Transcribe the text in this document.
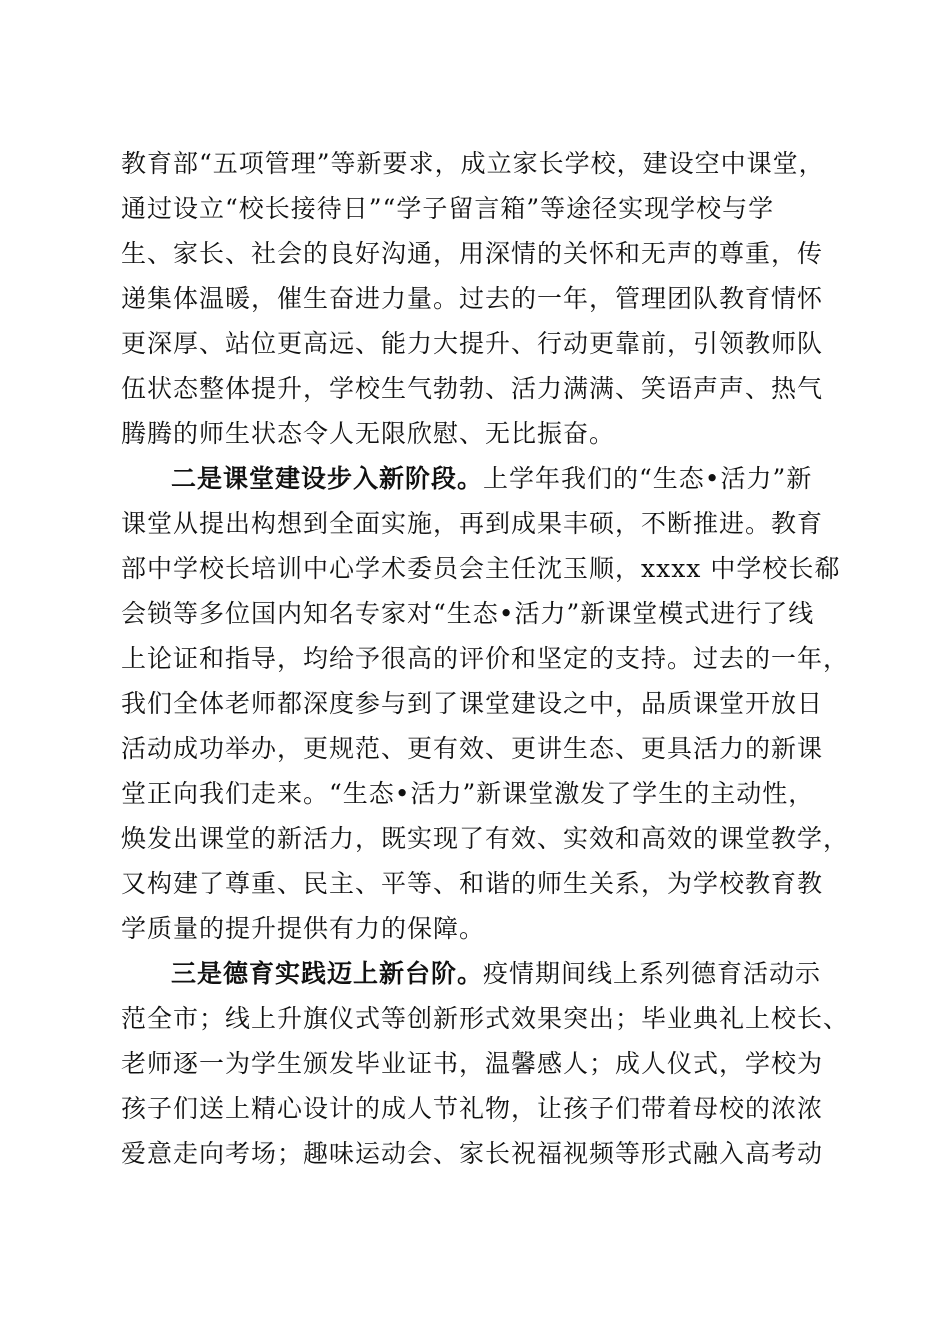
教育部“五项管理”等新要求，成立家长学校，建设空中课堂，
通过设立“校长接待日”“学子留言箱”等途径实现学校与学
生、家长、社会的良好沟通，用深情的关怀和无声的尊重，传
递集体温暖，催生奋进力量。过去的一年，管理团队教育情怀
更深厚、站位更高远、能力大提升、行动更靠前，引领教师队
伍状态整体提升，学校生气勃勃、活力满满、笑语声声、热气
腾腾的师生状态令人无限欣慰、无比振奋。
二是课堂建设步入新阶段。上学年我们的“生态•活力”新
课堂从提出构想到全面实施，再到成果丰硕，不断推进。教育
部中学校长培训中心学术委员会主任沈玉顺，xxxx 中学校长郗
会锁等多位国内知名专家对“生态•活力”新课堂模式进行了线
上论证和指导，均给予很高的评价和坚定的支持。过去的一年，
我们全体老师都深度参与到了课堂建设之中，品质课堂开放日
活动成功举办，更规范、更有效、更讲生态、更具活力的新课
堂正向我们走来。“生态•活力”新课堂激发了学生的主动性，
焕发出课堂的新活力，既实现了有效、实效和高效的课堂教学，
又构建了尊重、民主、平等、和谐的师生关系，为学校教育教
学质量的提升提供有力的保障。
三是德育实践迈上新台阶。疫情期间线上系列德育活动示
范全市；线上升旗仪式等创新形式效果突出；毕业典礼上校长、
老师逐一为学生颁发毕业证书，温馨感人；成人仪式，学校为
孩子们送上精心设计的成人节礼物，让孩子们带着母校的浓浓
爱意走向考场；趣味运动会、家长祝福视频等形式融入高考动
